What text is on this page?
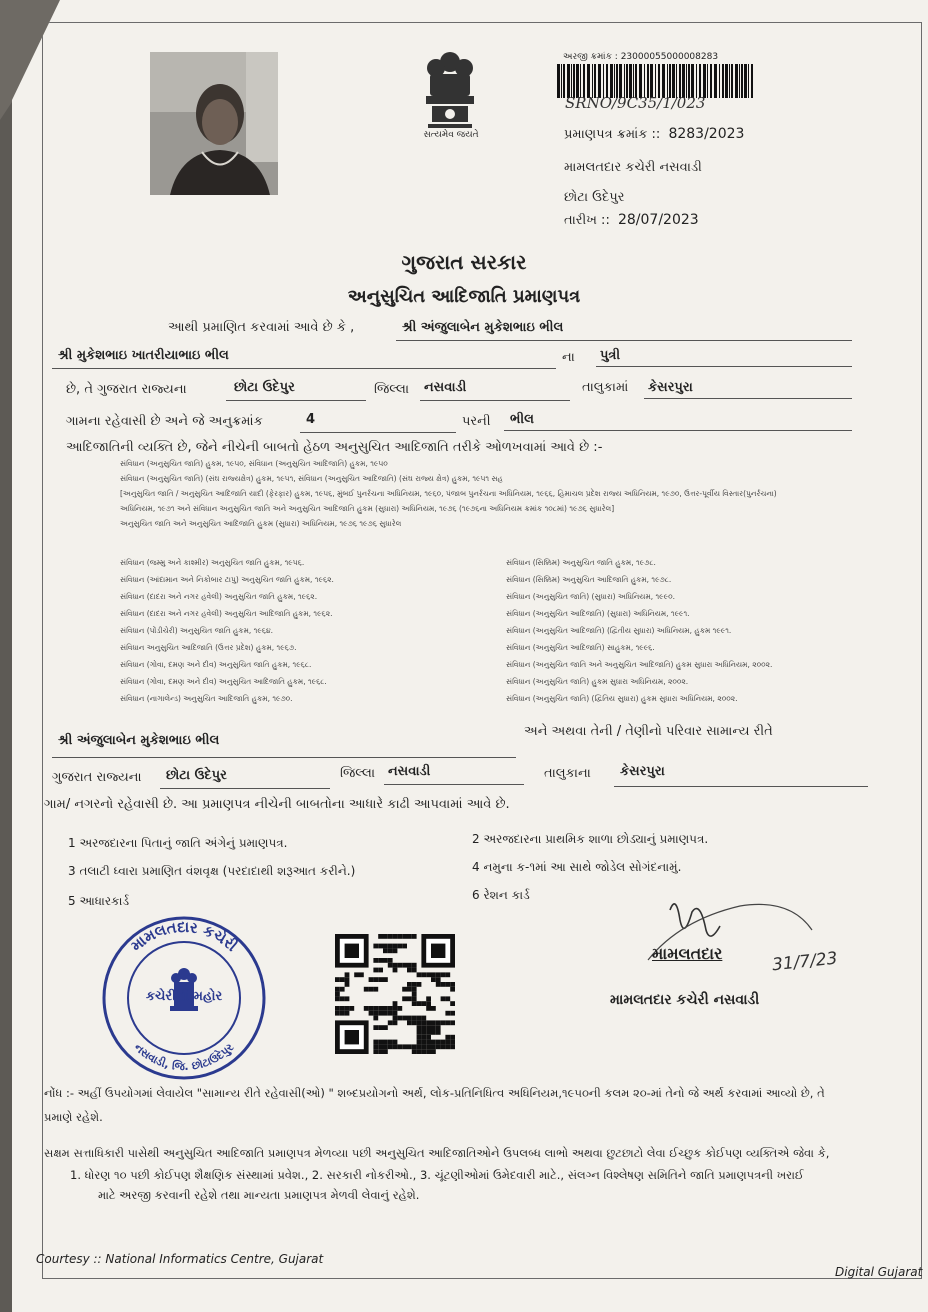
સત્યમેવ જયતે
અરજી ક્રમાંક : 23000055000008283
SRNO/9C35/1/023
પ્રમાણપત્ર ક્રમાંક :: 8283/2023
મામલતદાર કચેરી નસવાડી
છોટા ઉદેપુર
તારીખ :: 28/07/2023
ગુજરાત સરકાર
અનુસુચિત આદિજાતિ પ્રમાણપત્ર
આથી પ્રમાણિત કરવામાં આવે છે કે ,	શ્રી અંજુલાબેન મુકેશભાઇ ભીલ
શ્રી મુકેશભાઇ ખાતરીયાભાઇ ભીલ	ના પુત્રી
છે, તે ગુજરાત રાજ્યના	છોટા ઉદેપુર	જિલ્લા નસવાડી	તાલુકામાં કેસરપુરા
ગામના રહેવાસી છે અને જે અનુક્રમાંક	4	પરની ભીલ
આદિજાતિની વ્યક્તિ છે, જેને નીચેની બાબતો હેઠળ અનુસુચિત આદિજાતિ તરીકે ઓળખવામાં આવે છે :-
સંવિધાન (અનુસુચિત જાતિ) હુકમ, ૧૯૫૦, સંવિધાન (અનુસુચિત આદિજાતિ) હુકમ, ૧૯૫૦
સંવિધાન (અનુસુચિત જાતિ) (સંઘ રાજ્યક્ષેત્ર) હુકમ, ૧૯૫૧, સંવિધાન (અનુસુચિત આદિજાતિ) (સંઘ રાજ્ય ક્ષેત્ર) હુકમ, ૧૯૫૧ સહ
[અનુસુચિત જાતિ / અનુસુચિત આદિજાતિ યાદી (ફેરફાર) હુકમ, ૧૯૫૬, મુંબઈ પુનર્રચના અધિનિયમ, ૧૯૬૦, પંજાબ પુનર્રચના અધિનિયમ, ૧૯૬૬, હિમાચલ પ્રદેશ રાજ્ય અધિનિયમ, ૧૯૭૦, ઉત્તર-પૂર્વીય વિસ્તાર(પુનર્રચના)
અધિનિયમ, ૧૯૭૧ અને સંવિધાન અનુસુચિત જાતિ અને અનુસુચિત આદિજાતિ હુકમ (સુધારા) અધિનિયમ, ૧૯૭૬ (૧૯૭૬ના અધિનિયમ ક્રમાંક ૧૦૮માં) ૧૯૭૬ સુધારેલ]
અનુસુચિત જાતિ અને અનુસુચિત આદિજાતિ હુકમ (સુધારા) અધિનિયમ, ૧૯૭૬ ૧૯૭૬ સુધારેલ
સંવિધાન (જમ્મુ અને કાશ્મીર) અનુસુચિત જાતિ હુકમ, ૧૯૫૬.
સંવિધાન (આંદામાન અને નિકોબાર ટાપુ) અનુસુચિત જાતિ હુકમ, ૧૯૬૨.
સંવિધાન (દાદરા અને નગર હવેલી) અનુસુચિત જાતિ હુકમ, ૧૯૬૨.
સંવિધાન (દાદરા અને નગર હવેલી) અનુસુચિત આદિજાતિ હુકમ, ૧૯૬૨.
સંવિધાન (પોંડીચેરી) અનુસુચિત જાતિ હુકમ, ૧૯૬૪.
સંવિધાન અનુસુચિત આદિજાતિ (ઉત્તર પ્રદેશ) હુકમ, ૧૯૬૭.
સંવિધાન (ગોવા, દમણ અને દીવ) અનુસુચિત જાતિ હુકમ, ૧૯૬૮.
સંવિધાન (ગોવા, દમણ અને દીવ) અનુસુચિત આદિજાતિ હુકમ, ૧૯૬૮.
સંવિધાન (નાગાલેન્ડ) અનુસુચિત આદિજાતિ હુકમ, ૧૯૭૦.
સંવિધાન (સિક્કિમ) અનુસુચિત જાતિ હુકમ, ૧૯૭૮.
સંવિધાન (સિક્કિમ) અનુસુચિત આદિજાતિ હુકમ, ૧૯૭૮.
સંવિધાન (અનુસુચિત જાતિ) (સુધારા) અધિનિયમ, ૧૯૯૦.
સંવિધાન (અનુસુચિત આદિજાતિ) (સુધારા) અધિનિયમ, ૧૯૯૧.
સંવિધાન (અનુસુચિત આદિજાતિ) (દ્વિતીય સુધારા) અધિનિયમ, હુકમ ૧૯૯૧.
સંવિધાન (અનુસુચિત આદિજાતિ) સાહુકમ, ૧૯૯૬.
સંવિધાન (અનુસુચિત જાતિ અને અનુસુચિત આદિજાતિ) હુકમ સુધારા અધિનિયમ, ૨૦૦૨.
સંવિધાન (અનુસુચિત જાતિ) હુકમ સુધારા અધિનિયમ, ૨૦૦૨.
સંવિધાન (અનુસુચિત જાતિ) (દ્વિતિય સુધારા) હુકમ સુધારા અધિનિયમ, ૨૦૦૨.
શ્રી અંજુલાબેન મુકેશભાઇ ભીલ
અને અથવા તેની / તેણીનો પરિવાર સામાન્ય રીતે
ગુજરાત રાજ્યના છોટા ઉદેપુર	જિલ્લા નસવાડી	તાલુકાના કેસરપુરા
ગામ/ નગરનો રહેવાસી છે. આ પ્રમાણપત્ર નીચેની બાબતોના આધારે કાઢી આપવામાં આવે છે.
1 અરજદારના પિતાનું જાતિ અંગેનું પ્રમાણપત્ર.	2 અરજદારના પ્રાથમિક શાળા છોડ્યાનું પ્રમાણપત્ર.
3 તલાટી ધ્વારા પ્રમાણિત વંશવૃક્ષ (પરદાદાથી શરૂઆત કરીને.)	4 નમુના ક-૧માં આ સાથે જોડેલ સોગંદનામું.
5 આધારકાર્ડ	6 રેશન કાર્ડ
મામલતદાર કચેરી
નસવાડી, જિ. છોટાઉદેપુર
કચેરીની મહોર
મામલતદાર	31/7/23
મામલતદાર કચેરી નસવાડી
નોંધ :- અહીં ઉપયોગમાં લેવાયેલ "સામાન્ય રીતે રહેવાસી(ઓ) " શબ્દપ્રયોગનો અર્થ, લોક-પ્રતિનિધિત્વ અધિનિયમ,૧૯૫૦ની કલમ ૨૦-માં તેનો જે અર્થ કરવામાં આવ્યો છે, તે
પ્રમાણે રહેશે.
સક્ષમ સત્તાધિકારી પાસેથી અનુસુચિત આદિજાતિ પ્રમાણપત્ર મેળવ્યા પછી અનુસુચિત આદિજાતિઓને ઉપલબ્ધ લાભો અથવા છુટછાટો લેવા ઈચ્છુક કોઈપણ વ્યક્તિએ જેવા કે,
1. ધોરણ ૧૦ પછી કોઈપણ શૈક્ષણિક સંસ્થામાં પ્રવેશ., 2. સરકારી નોકરીઓ., 3. ચૂંટણીઓમાં ઉમેદવારી માટે., સંલગ્ન વિશ્લેષણ સમિતિને જાતિ પ્રમાણપત્રની ખરાઈ
માટે અરજી કરવાની રહેશે તથા માન્યતા પ્રમાણપત્ર મેળવી લેવાનું રહેશે.
Courtesy :: National Informatics Centre, Gujarat
Digital Gujarat
